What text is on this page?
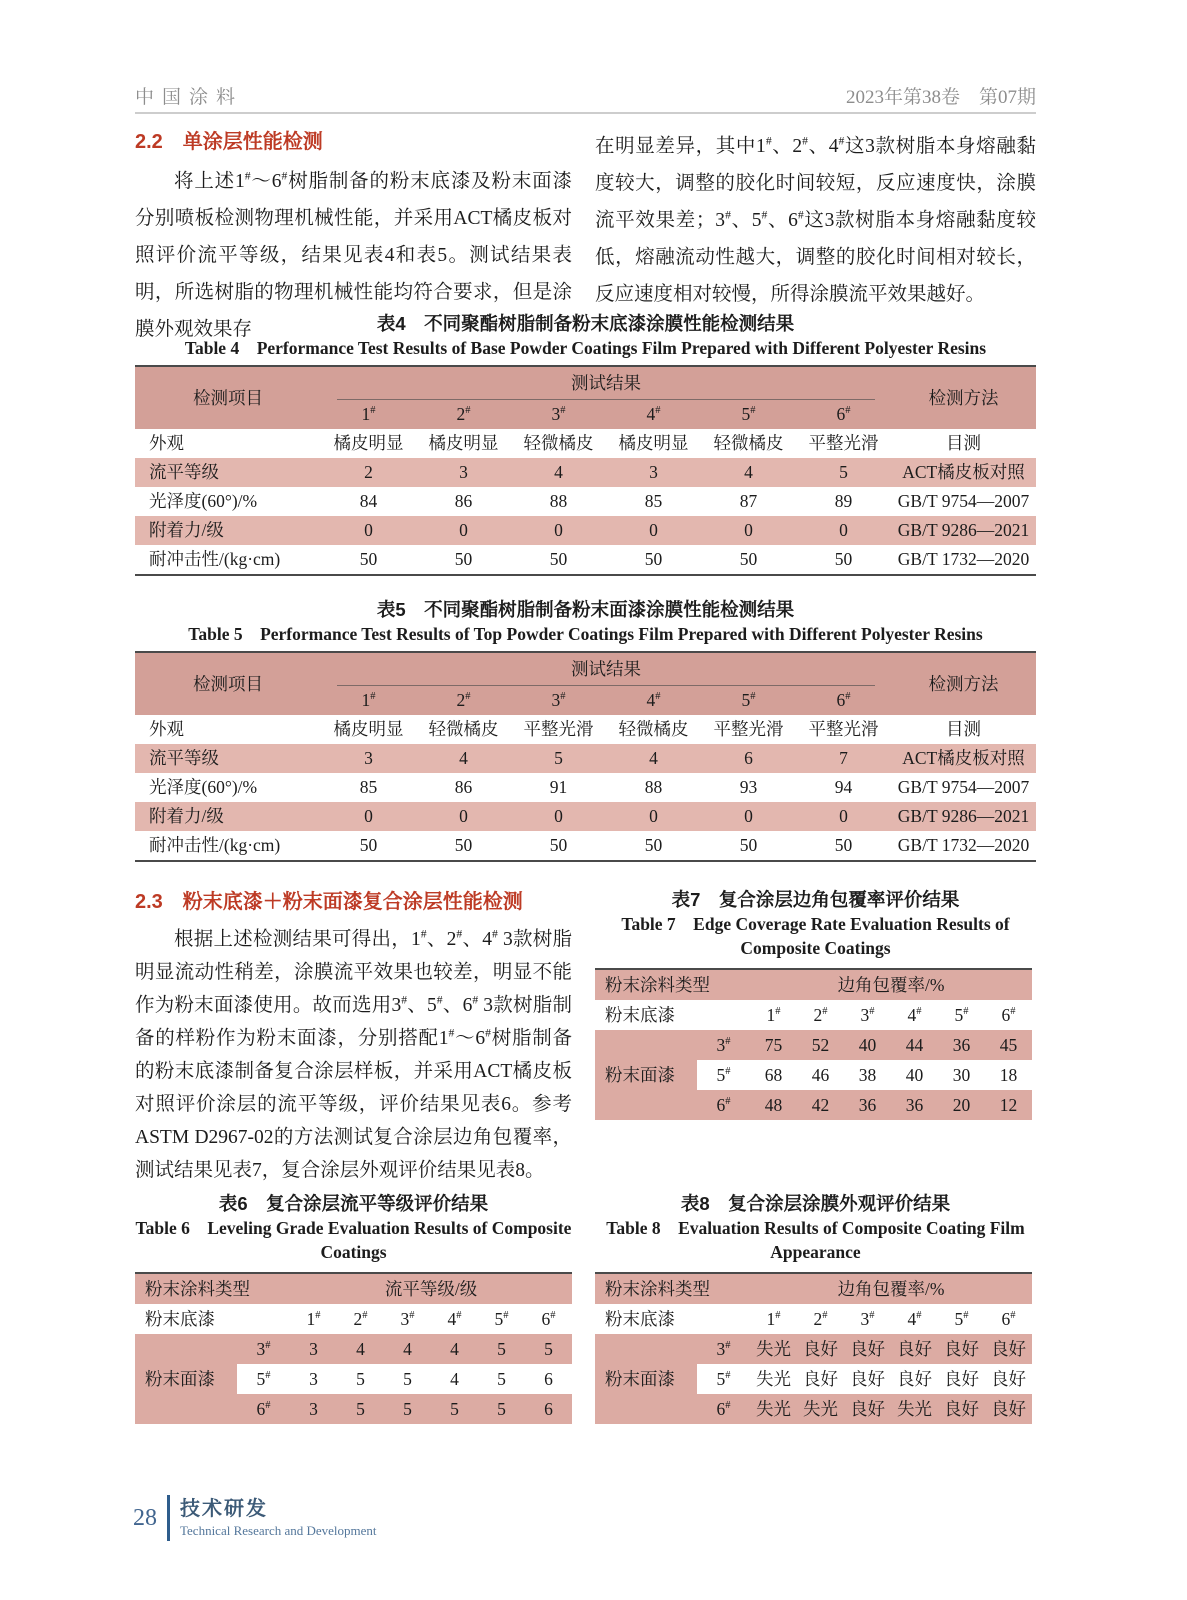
中国涂料	2023年第38卷　第07期
2.2　单涂层性能检测
将上述1#～6#树脂制备的粉末底漆及粉末面漆分别喷板检测物理机械性能，并采用ACT橘皮板对照评价流平等级，结果见表4和表5。测试结果表明，所选树脂的物理机械性能均符合要求，但是涂膜外观效果存
在明显差异，其中1#、2#、4#这3款树脂本身熔融黏度较大，调整的胶化时间较短，反应速度快，涂膜流平效果差；3#、5#、6#这3款树脂本身熔融黏度较低，熔融流动性越大，调整的胶化时间相对较长，反应速度相对较慢，所得涂膜流平效果越好。
表4　不同聚酯树脂制备粉末底漆涂膜性能检测结果
Table 4　Performance Test Results of Base Powder Coatings Film Prepared with Different Polyester Resins
检测项目	测试结果						检测方法
	1#	2#	3#	4#	5#	6#
外观	橘皮明显	橘皮明显	轻微橘皮	橘皮明显	轻微橘皮	平整光滑	目测
流平等级	2	3	4	3	4	5	ACT橘皮板对照
光泽度(60°)/%	84	86	88	85	87	89	GB/T 9754—2007
附着力/级	0	0	0	0	0	0	GB/T 9286—2021
耐冲击性/(kg·cm)	50	50	50	50	50	50	GB/T 1732—2020
表5　不同聚酯树脂制备粉末面漆涂膜性能检测结果
Table 5　Performance Test Results of Top Powder Coatings Film Prepared with Different Polyester Resins
检测项目	测试结果						检测方法
	1#	2#	3#	4#	5#	6#
外观	橘皮明显	轻微橘皮	平整光滑	轻微橘皮	平整光滑	平整光滑	目测
流平等级	3	4	5	4	6	7	ACT橘皮板对照
光泽度(60°)/%	85	86	91	88	93	94	GB/T 9754—2007
附着力/级	0	0	0	0	0	0	GB/T 9286—2021
耐冲击性/(kg·cm)	50	50	50	50	50	50	GB/T 1732—2020
2.3　粉末底漆＋粉末面漆复合涂层性能检测
根据上述检测结果可得出，1#、2#、4# 3款树脂明显流动性稍差，涂膜流平效果也较差，明显不能作为粉末面漆使用。故而选用3#、5#、6# 3款树脂制备的样粉作为粉末面漆，分别搭配1#～6#树脂制备的粉末底漆制备复合涂层样板，并采用ACT橘皮板对照评价涂层的流平等级，评价结果见表6。参考ASTM D2967-02的方法测试复合涂层边角包覆率，测试结果见表7，复合涂层外观评价结果见表8。
表7　复合涂层边角包覆率评价结果
Table 7　Edge Coverage Rate Evaluation Results of
Composite Coatings
粉末涂料类型		边角包覆率/%					
粉末底漆		1#	2#	3#	4#	5#	6#
粉末面漆	3#	75	52	40	44	36	45
	5#	68	46	38	40	30	18
	6#	48	42	36	36	20	12
表6　复合涂层流平等级评价结果
Table 6　Leveling Grade Evaluation Results of Composite
Coatings
粉末涂料类型		流平等级/级					
粉末底漆		1#	2#	3#	4#	5#	6#
粉末面漆	3#	3	4	4	4	5	5
	5#	3	5	5	4	5	6
	6#	3	5	5	5	5	6
表8　复合涂层涂膜外观评价结果
Table 8　Evaluation Results of Composite Coating Film
Appearance
粉末涂料类型		边角包覆率/%					
粉末底漆		1#	2#	3#	4#	5#	6#
粉末面漆	3#	失光	良好	良好	良好	良好	良好
	5#	失光	良好	良好	良好	良好	良好
	6#	失光	失光	良好	失光	良好	良好
28 技术研发
Technical Research and Development
